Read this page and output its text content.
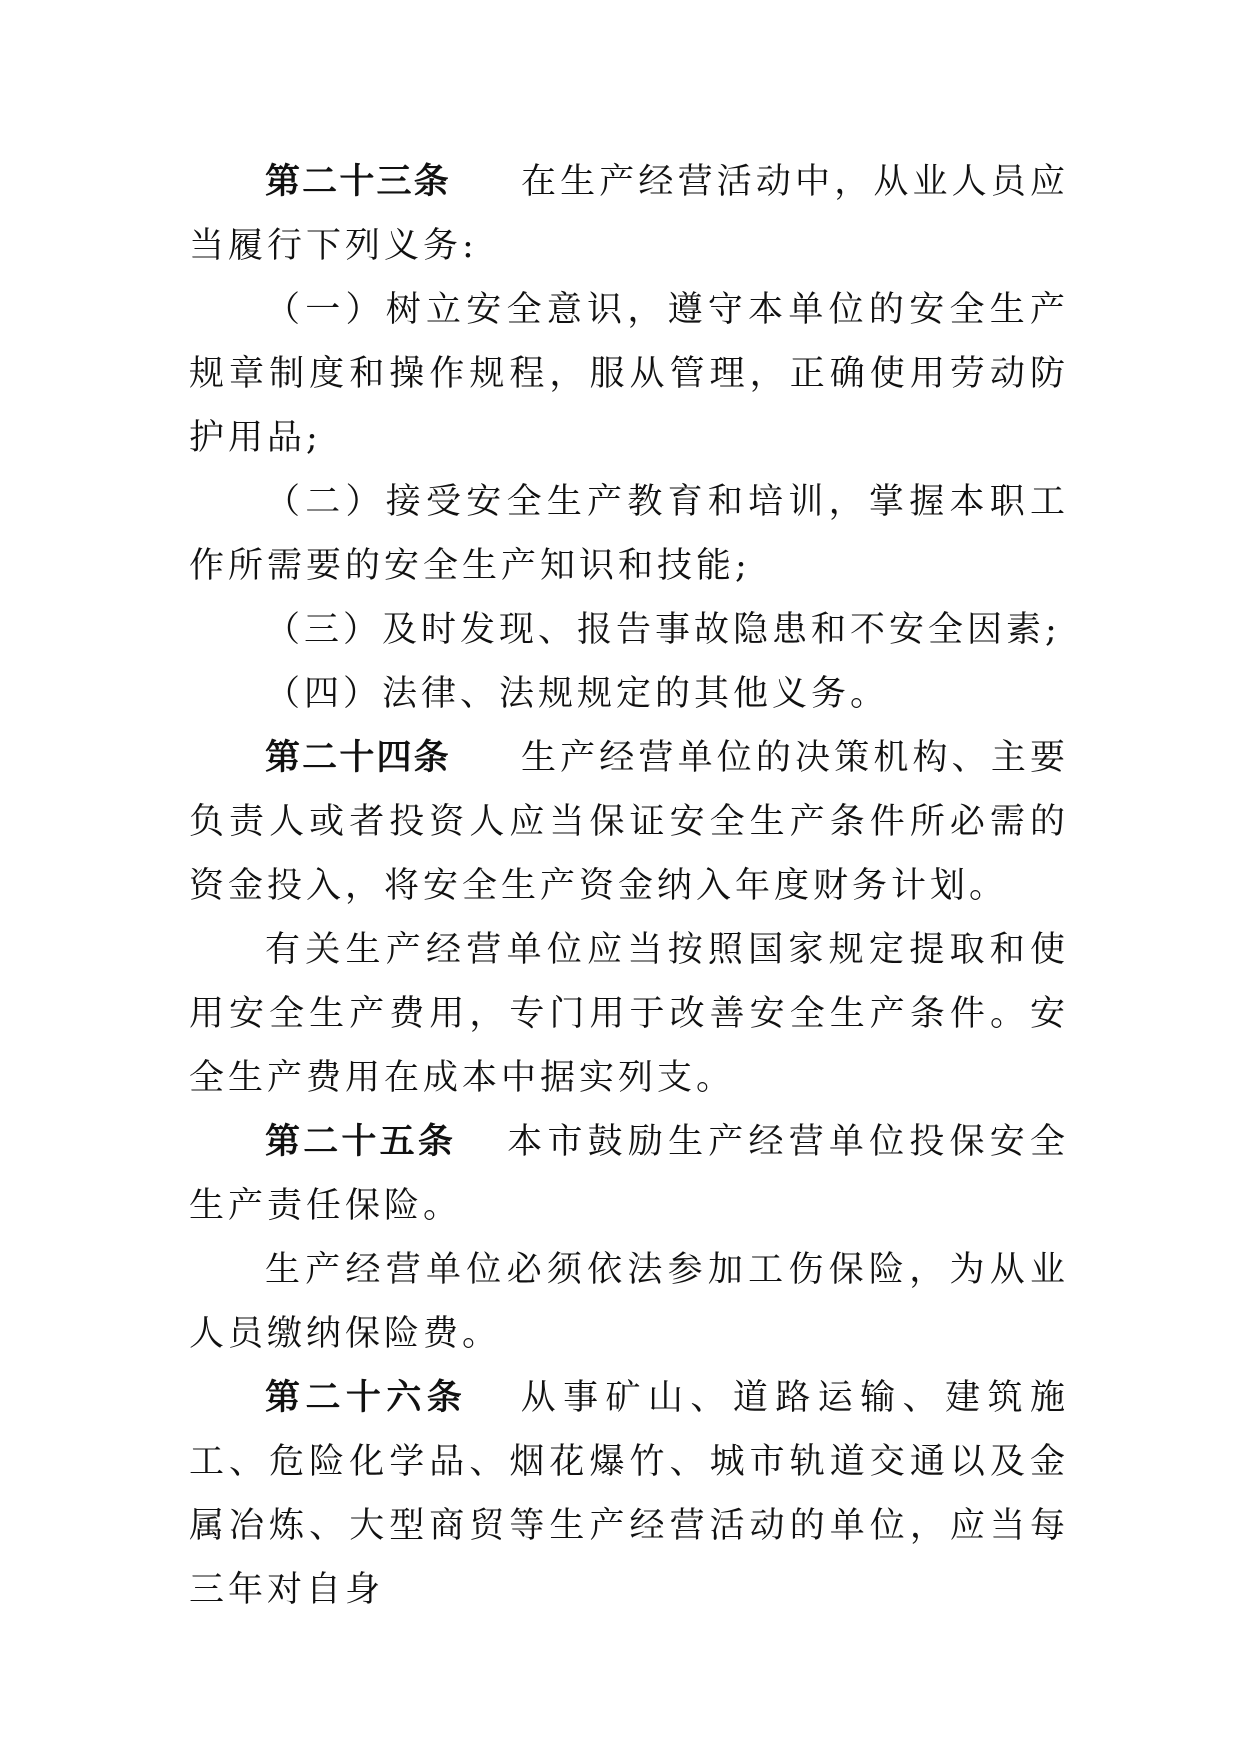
第二十三条 在生产经营活动中，从业人员应当履行下列义务:

（一）树立安全意识，遵守本单位的安全生产规章制度和操作规程，服从管理，正确使用劳动防护用品;

（二）接受安全生产教育和培训，掌握本职工作所需要的安全生产知识和技能;

（三）及时发现、报告事故隐患和不安全因素;

（四）法律、法规规定的其他义务。

第二十四条 生产经营单位的决策机构、主要负责人或者投资人应当保证安全生产条件所必需的资金投入，将安全生产资金纳入年度财务计划。

有关生产经营单位应当按照国家规定提取和使用安全生产费用，专门用于改善安全生产条件。安全生产费用在成本中据实列支。

第二十五条 本市鼓励生产经营单位投保安全生产责任保险。

生产经营单位必须依法参加工伤保险，为从业人员缴纳保险费。

第二十六条 从事矿山、道路运输、建筑施工、危险化学品、烟花爆竹、城市轨道交通以及金属冶炼、大型商贸等生产经营活动的单位，应当每三年对自身
